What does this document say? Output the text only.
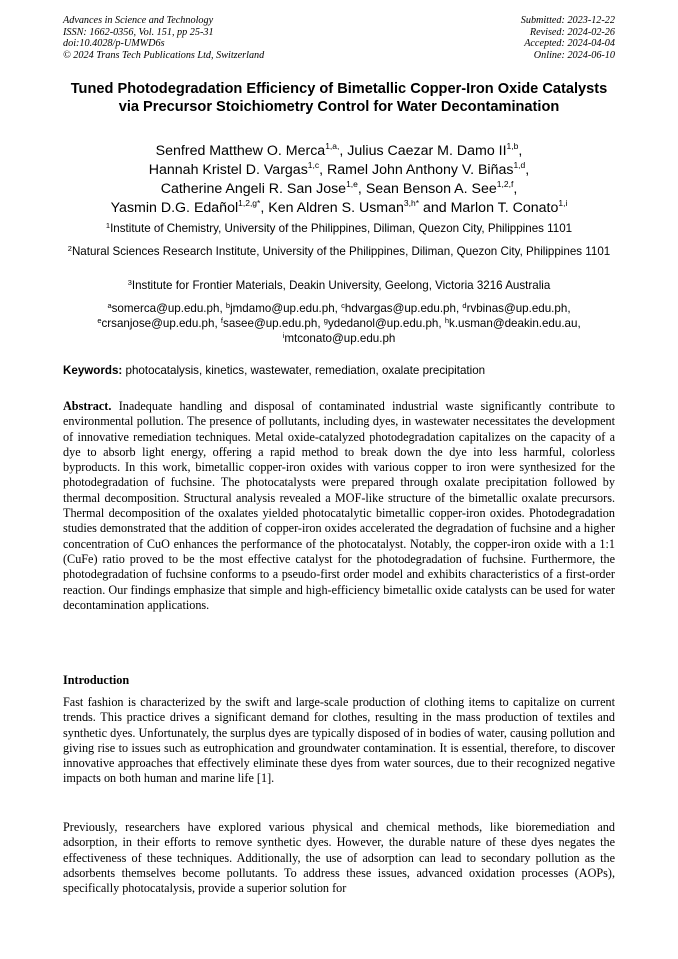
Advances in Science and Technology
ISSN: 1662-0356, Vol. 151, pp 25-31
doi:10.4028/p-UMWD6s
© 2024 Trans Tech Publications Ltd, Switzerland
Submitted: 2023-12-22
Revised: 2024-02-26
Accepted: 2024-04-04
Online: 2024-06-10
Tuned Photodegradation Efficiency of Bimetallic Copper-Iron Oxide Catalysts via Precursor Stoichiometry Control for Water Decontamination
Senfred Matthew O. Merca$^{1,a,}$, Julius Caezar M. Damo II$^{1,b}$,
Hannah Kristel D. Vargas$^{1,c}$, Ramel John Anthony V. Biñas$^{1,d}$,
Catherine Angeli R. San Jose$^{1,e}$, Sean Benson A. See$^{1,2,f}$,
Yasmin D.G. Edañol$^{1,2,g*}$, Ken Aldren S. Usman$^{3,h*}$ and Marlon T. Conato$^{1,i}$
$^1$Institute of Chemistry, University of the Philippines, Diliman, Quezon City, Philippines 1101
$^2$Natural Sciences Research Institute, University of the Philippines, Diliman, Quezon City, Philippines 1101
$^3$Institute for Frontier Materials, Deakin University, Geelong, Victoria 3216 Australia
$^a$somerca@up.edu.ph, $^b$jmdamo@up.edu.ph, $^c$hdvargas@up.edu.ph, $^d$rvbinas@up.edu.ph,
$^e$crsanjose@up.edu.ph, $^f$sasee@up.edu.ph, $^g$ydedanol@up.edu.ph, $^h$k.usman@deakin.edu.au,
$^i$mtconato@up.edu.ph
Keywords: photocatalysis, kinetics, wastewater, remediation, oxalate precipitation

Abstract. Inadequate handling and disposal of contaminated industrial waste significantly contribute to environmental pollution. The presence of pollutants, including dyes, in wastewater necessitates the development of innovative remediation techniques. Metal oxide-catalyzed photodegradation capitalizes on the capacity of a dye to absorb light energy, offering a rapid method to break down the dye into less harmful, colorless byproducts. In this work, bimetallic copper-iron oxides with various copper to iron were synthesized for the photodegradation of fuchsine. The photocatalysts were prepared through oxalate precipitation followed by thermal decomposition. Structural analysis revealed a MOF-like structure of the bimetallic oxalate precursors. Thermal decomposition of the oxalates yielded photocatalytic bimetallic copper-iron oxides. Photodegradation studies demonstrated that the addition of copper-iron oxides accelerated the degradation of fuchsine and a higher concentration of CuO enhances the performance of the photocatalyst. Notably, the copper-iron oxide with a 1:1 (CuFe) ratio proved to be the most effective catalyst for the photodegradation of fuchsine. Furthermore, the photodegradation of fuchsine conforms to a pseudo-first order model and exhibits characteristics of a first-order reaction. Our findings emphasize that simple and high-efficiency bimetallic oxide catalysts can be used for water decontamination applications.

Introduction

Fast fashion is characterized by the swift and large-scale production of clothing items to capitalize on current trends. This practice drives a significant demand for clothes, resulting in the mass production of textiles and synthetic dyes. Unfortunately, the surplus dyes are typically disposed of in bodies of water, causing pollution and giving rise to issues such as eutrophication and groundwater contamination. It is essential, therefore, to discover innovative approaches that effectively eliminate these dyes from water sources, due to their recognized negative impacts on both human and marine life [1].

Previously, researchers have explored various physical and chemical methods, like bioremediation and adsorption, in their efforts to remove synthetic dyes. However, the durable nature of these dyes negates the effectiveness of these techniques. Additionally, the use of adsorption can lead to secondary pollution as the adsorbents themselves become pollutants. To address these issues, advanced oxidation processes (AOPs), specifically photocatalysis, provide a superior solution for
